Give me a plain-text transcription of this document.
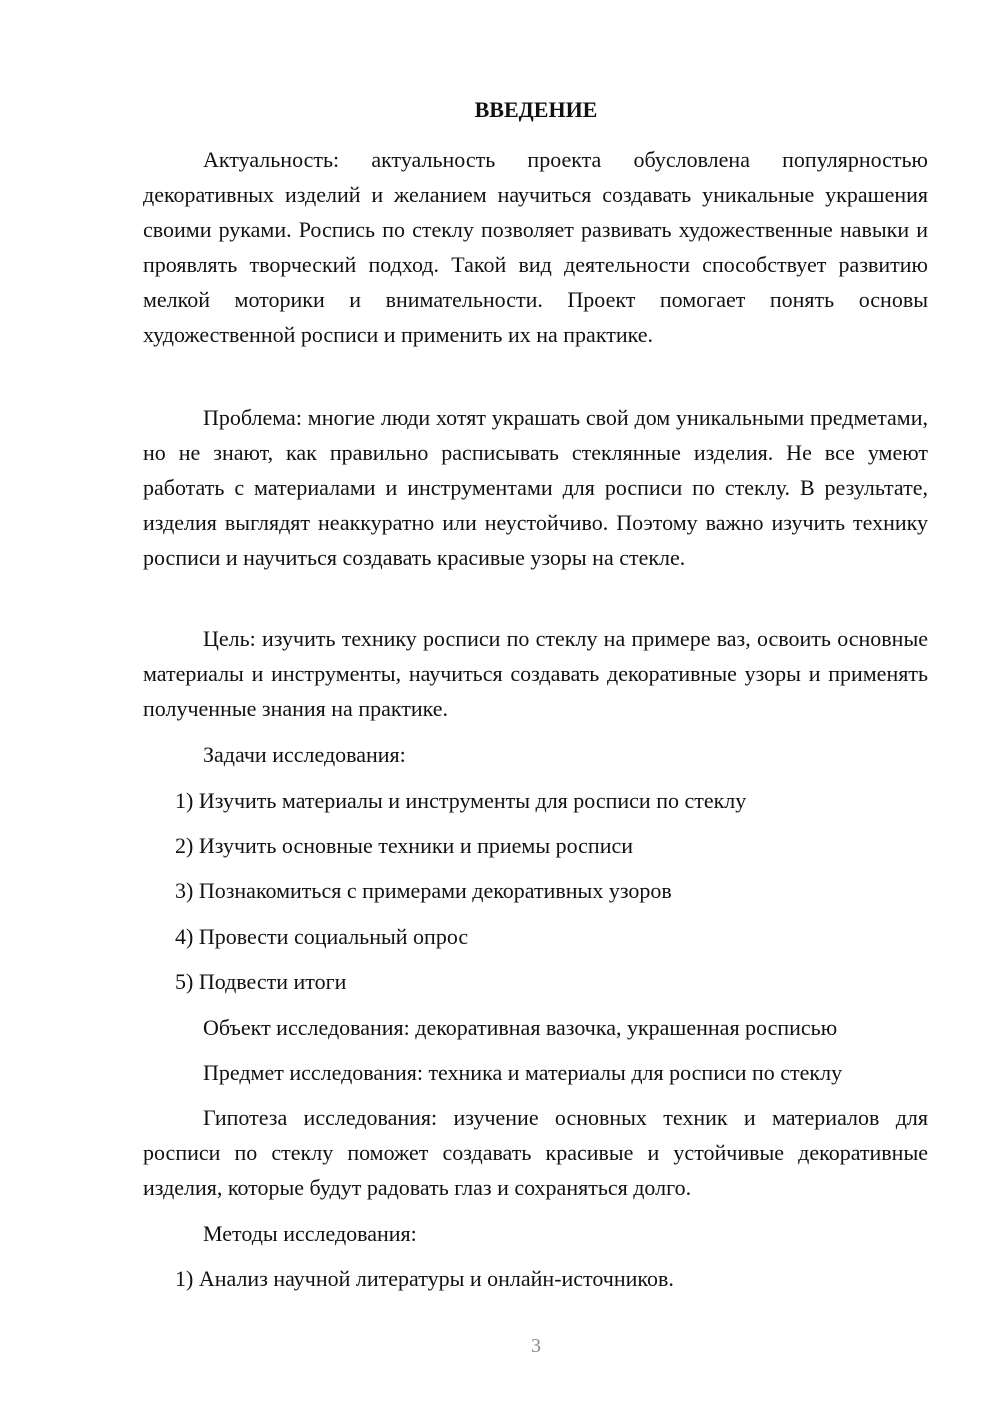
ВВЕДЕНИЕ

Актуальность: актуальность проекта обусловлена популярностью декоративных изделий и желанием научиться создавать уникальные украшения своими руками. Роспись по стеклу позволяет развивать художественные навыки и проявлять творческий подход. Такой вид деятельности способствует развитию мелкой моторики и внимательности. Проект помогает понять основы художественной росписи и применить их на практике.

Проблема: многие люди хотят украшать свой дом уникальными предметами, но не знают, как правильно расписывать стеклянные изделия. Не все умеют работать с материалами и инструментами для росписи по стеклу. В результате, изделия выглядят неаккуратно или неустойчиво. Поэтому важно изучить технику росписи и научиться создавать красивые узоры на стекле.

Цель: изучить технику росписи по стеклу на примере ваз, освоить основные материалы и инструменты, научиться создавать декоративные узоры и применять полученные знания на практике.

Задачи исследования:

1) Изучить материалы и инструменты для росписи по стеклу

2) Изучить основные техники и приемы росписи

3) Познакомиться с примерами декоративных узоров

4) Провести социальный опрос

5) Подвести итоги

Объект исследования: декоративная вазочка, украшенная росписью

Предмет исследования: техника и материалы для росписи по стеклу

Гипотеза исследования: изучение основных техник и материалов для росписи по стеклу поможет создавать красивые и устойчивые декоративные изделия, которые будут радовать глаз и сохраняться долго.

Методы исследования:

1) Анализ научной литературы и онлайн-источников.

3
